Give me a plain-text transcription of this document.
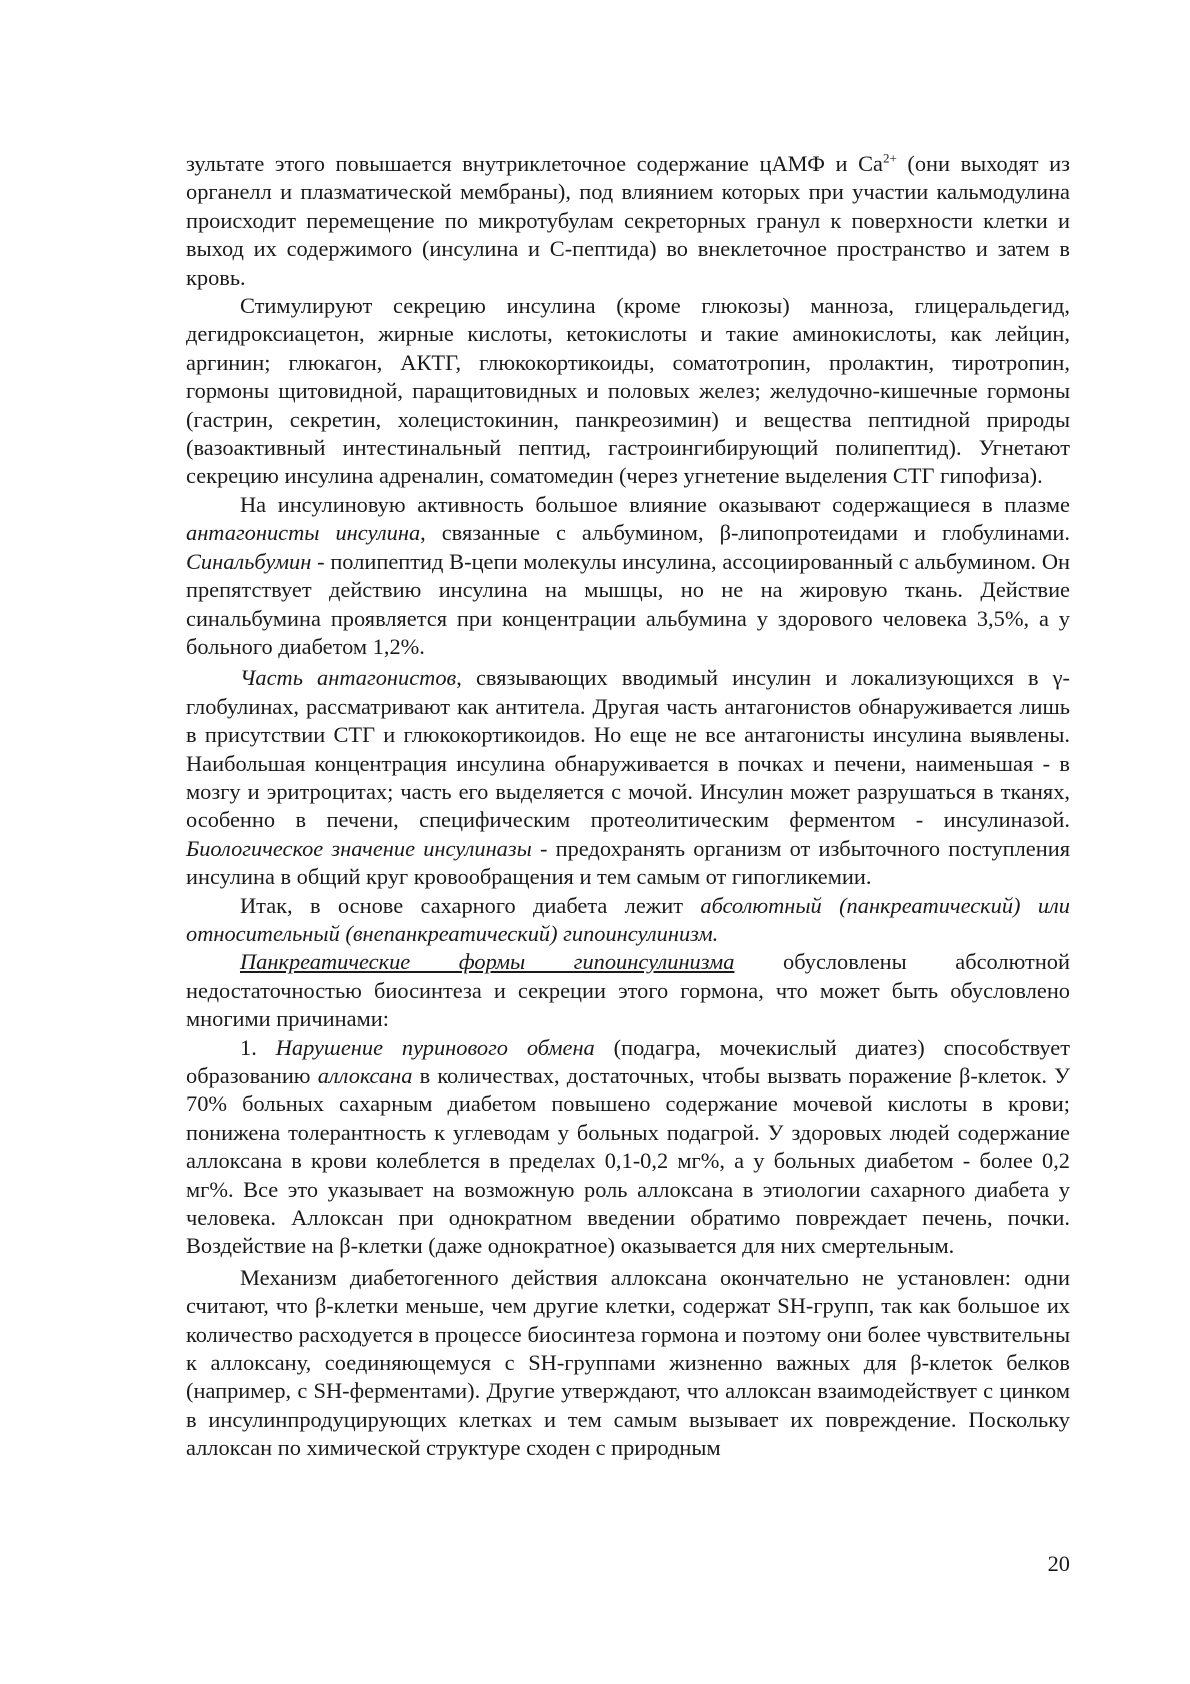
зультате этого повышается внутриклеточное содержание цАМФ и $Ca^{2+}$ (они выходят из органелл и плазматической мембраны), под влиянием которых при участии кальмодулина происходит перемещение по микротубулам секреторных гранул к поверхности клетки и выход их содержимого (инсулина и С-пептида) во внеклеточное пространство и затем в кровь.

Стимулируют секрецию инсулина (кроме глюкозы) манноза, глицеральдегид, дегидроксиацетон, жирные кислоты, кетокислоты и такие аминокислоты, как лейцин, аргинин; глюкагон, АКТГ, глюкокортикоиды, соматотропин, пролактин, тиротропин, гормоны щитовидной, паращитовидных и половых желез; желудочно-кишечные гормоны (гастрин, секретин, холецистокинин, панкреозимин) и вещества пептидной природы (вазоактивный интестинальный пептид, гастроингибирующий полипептид). Угнетают секрецию инсулина адреналин, соматомедин (через угнетение выделения СТГ гипофиза).

На инсулиновую активность большое влияние оказывают содержащиеся в плазме антагонисты инсулина, связанные с альбумином, β-липопротеидами и глобулинами. Синальбумин - полипептид В-цепи молекулы инсулина, ассоциированный с альбумином. Он препятствует действию инсулина на мышцы, но не на жировую ткань. Действие синальбумина проявляется при концентрации альбумина у здорового человека 3,5%, а у больного диабетом 1,2%.

Часть антагонистов, связывающих вводимый инсулин и локализующихся в γ-глобулинах, рассматривают как антитела. Другая часть антагонистов обнаруживается лишь в присутствии СТГ и глюкокортикоидов. Но еще не все антагонисты инсулина выявлены. Наибольшая концентрация инсулина обнаруживается в почках и печени, наименьшая - в мозгу и эритроцитах; часть его выделяется с мочой. Инсулин может разрушаться в тканях, особенно в печени, специфическим протеолитическим ферментом - инсулиназой. Биологическое значение инсулиназы - предохранять организм от избыточного поступления инсулина в общий круг кровообращения и тем самым от гипогликемии.

Итак, в основе сахарного диабета лежит абсолютный (панкреатический) или относительный (внепанкреатический) гипоинсулинизм.

Панкреатические формы гипоинсулинизма обусловлены абсолютной недостаточностью биосинтеза и секреции этого гормона, что может быть обусловлено многими причинами:

1. Нарушение пуринового обмена (подагра, мочекислый диатез) способствует образованию аллоксана в количествах, достаточных, чтобы вызвать поражение β-клеток. У 70% больных сахарным диабетом повышено содержание мочевой кислоты в крови; понижена толерантность к углеводам у больных подагрой. У здоровых людей содержание аллоксана в крови колеблется в пределах 0,1-0,2 мг%, а у больных диабетом - более 0,2 мг%. Все это указывает на возможную роль аллоксана в этиологии сахарного диабета у человека. Аллоксан при однократном введении обратимо повреждает печень, почки. Воздействие на β-клетки (даже однократное) оказывается для них смертельным.

Механизм диабетогенного действия аллоксана окончательно не установлен: одни считают, что β-клетки меньше, чем другие клетки, содержат SH-групп, так как большое их количество расходуется в процессе биосинтеза гормона и поэтому они более чувствительны к аллоксану, соединяющемуся с SH-группами жизненно важных для β-клеток белков (например, с SH-ферментами). Другие утверждают, что аллоксан взаимодействует с цинком в инсулинпродуцирующих клетках и тем самым вызывает их повреждение. Поскольку аллоксан по химической структуре сходен с природным

20
